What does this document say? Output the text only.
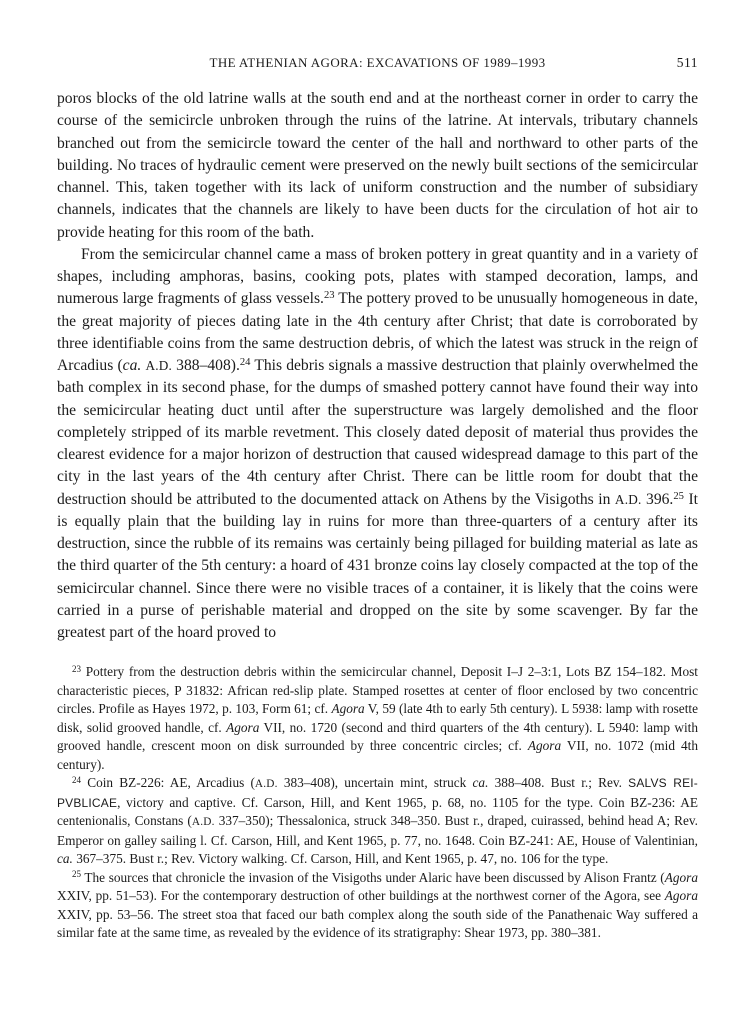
THE ATHENIAN AGORA: EXCAVATIONS OF 1989–1993	511

poros blocks of the old latrine walls at the south end and at the northeast corner in order to carry the course of the semicircle unbroken through the ruins of the latrine. At intervals, tributary channels branched out from the semicircle toward the center of the hall and northward to other parts of the building. No traces of hydraulic cement were preserved on the newly built sections of the semicircular channel. This, taken together with its lack of uniform construction and the number of subsidiary channels, indicates that the channels are likely to have been ducts for the circulation of hot air to provide heating for this room of the bath.

From the semicircular channel came a mass of broken pottery in great quantity and in a variety of shapes, including amphoras, basins, cooking pots, plates with stamped decoration, lamps, and numerous large fragments of glass vessels.$^{23}$ The pottery proved to be unusually homogeneous in date, the great majority of pieces dating late in the 4th century after Christ; that date is corroborated by three identifiable coins from the same destruction debris, of which the latest was struck in the reign of Arcadius (ca. A.D. 388–408).$^{24}$ This debris signals a massive destruction that plainly overwhelmed the bath complex in its second phase, for the dumps of smashed pottery cannot have found their way into the semicircular heating duct until after the superstructure was largely demolished and the floor completely stripped of its marble revetment. This closely dated deposit of material thus provides the clearest evidence for a major horizon of destruction that caused widespread damage to this part of the city in the last years of the 4th century after Christ. There can be little room for doubt that the destruction should be attributed to the documented attack on Athens by the Visigoths in A.D. 396.25 It is equally plain that the building lay in ruins for more than three-quarters of a century after its destruction, since the rubble of its remains was certainly being pillaged for building material as late as the third quarter of the 5th century: a hoard of 431 bronze coins lay closely compacted at the top of the semicircular channel. Since there were no visible traces of a container, it is likely that the coins were carried in a purse of perishable material and dropped on the site by some scavenger. By far the greatest part of the hoard proved to

$^{23}$ Pottery from the destruction debris within the semicircular channel, Deposit I–J 2–3:1, Lots BZ 154–182. Most characteristic pieces, P 31832: African red-slip plate. Stamped rosettes at center of floor enclosed by two concentric circles. Profile as Hayes 1972, p. 103, Form 61; cf. Agora V, 59 (late 4th to early 5th century). L 5938: lamp with rosette disk, solid grooved handle, cf. Agora VII, no. 1720 (second and third quarters of the 4th century). L 5940: lamp with grooved handle, crescent moon on disk surrounded by three concentric circles; cf. Agora VII, no. 1072 (mid 4th century).

$^{24}$ Coin BZ-226: AE, Arcadius (A.D. 383–408), uncertain mint, struck ca. 388–408. Bust r.; Rev. SALVS REI-PVBLICAE, victory and captive. Cf. Carson, Hill, and Kent 1965, p. 68, no. 1105 for the type. Coin BZ-236: AE centenionalis, Constans (A.D. 337–350); Thessalonica, struck 348–350. Bust r., draped, cuirassed, behind head A; Rev. Emperor on galley sailing l. Cf. Carson, Hill, and Kent 1965, p. 77, no. 1648. Coin BZ-241: AE, House of Valentinian, ca. 367–375. Bust r.; Rev. Victory walking. Cf. Carson, Hill, and Kent 1965, p. 47, no. 106 for the type.

$^{25}$ The sources that chronicle the invasion of the Visigoths under Alaric have been discussed by Alison Frantz (Agora XXIV, pp. 51–53). For the contemporary destruction of other buildings at the northwest corner of the Agora, see Agora XXIV, pp. 53–56. The street stoa that faced our bath complex along the south side of the Panathenaic Way suffered a similar fate at the same time, as revealed by the evidence of its stratigraphy: Shear 1973, pp. 380–381.
